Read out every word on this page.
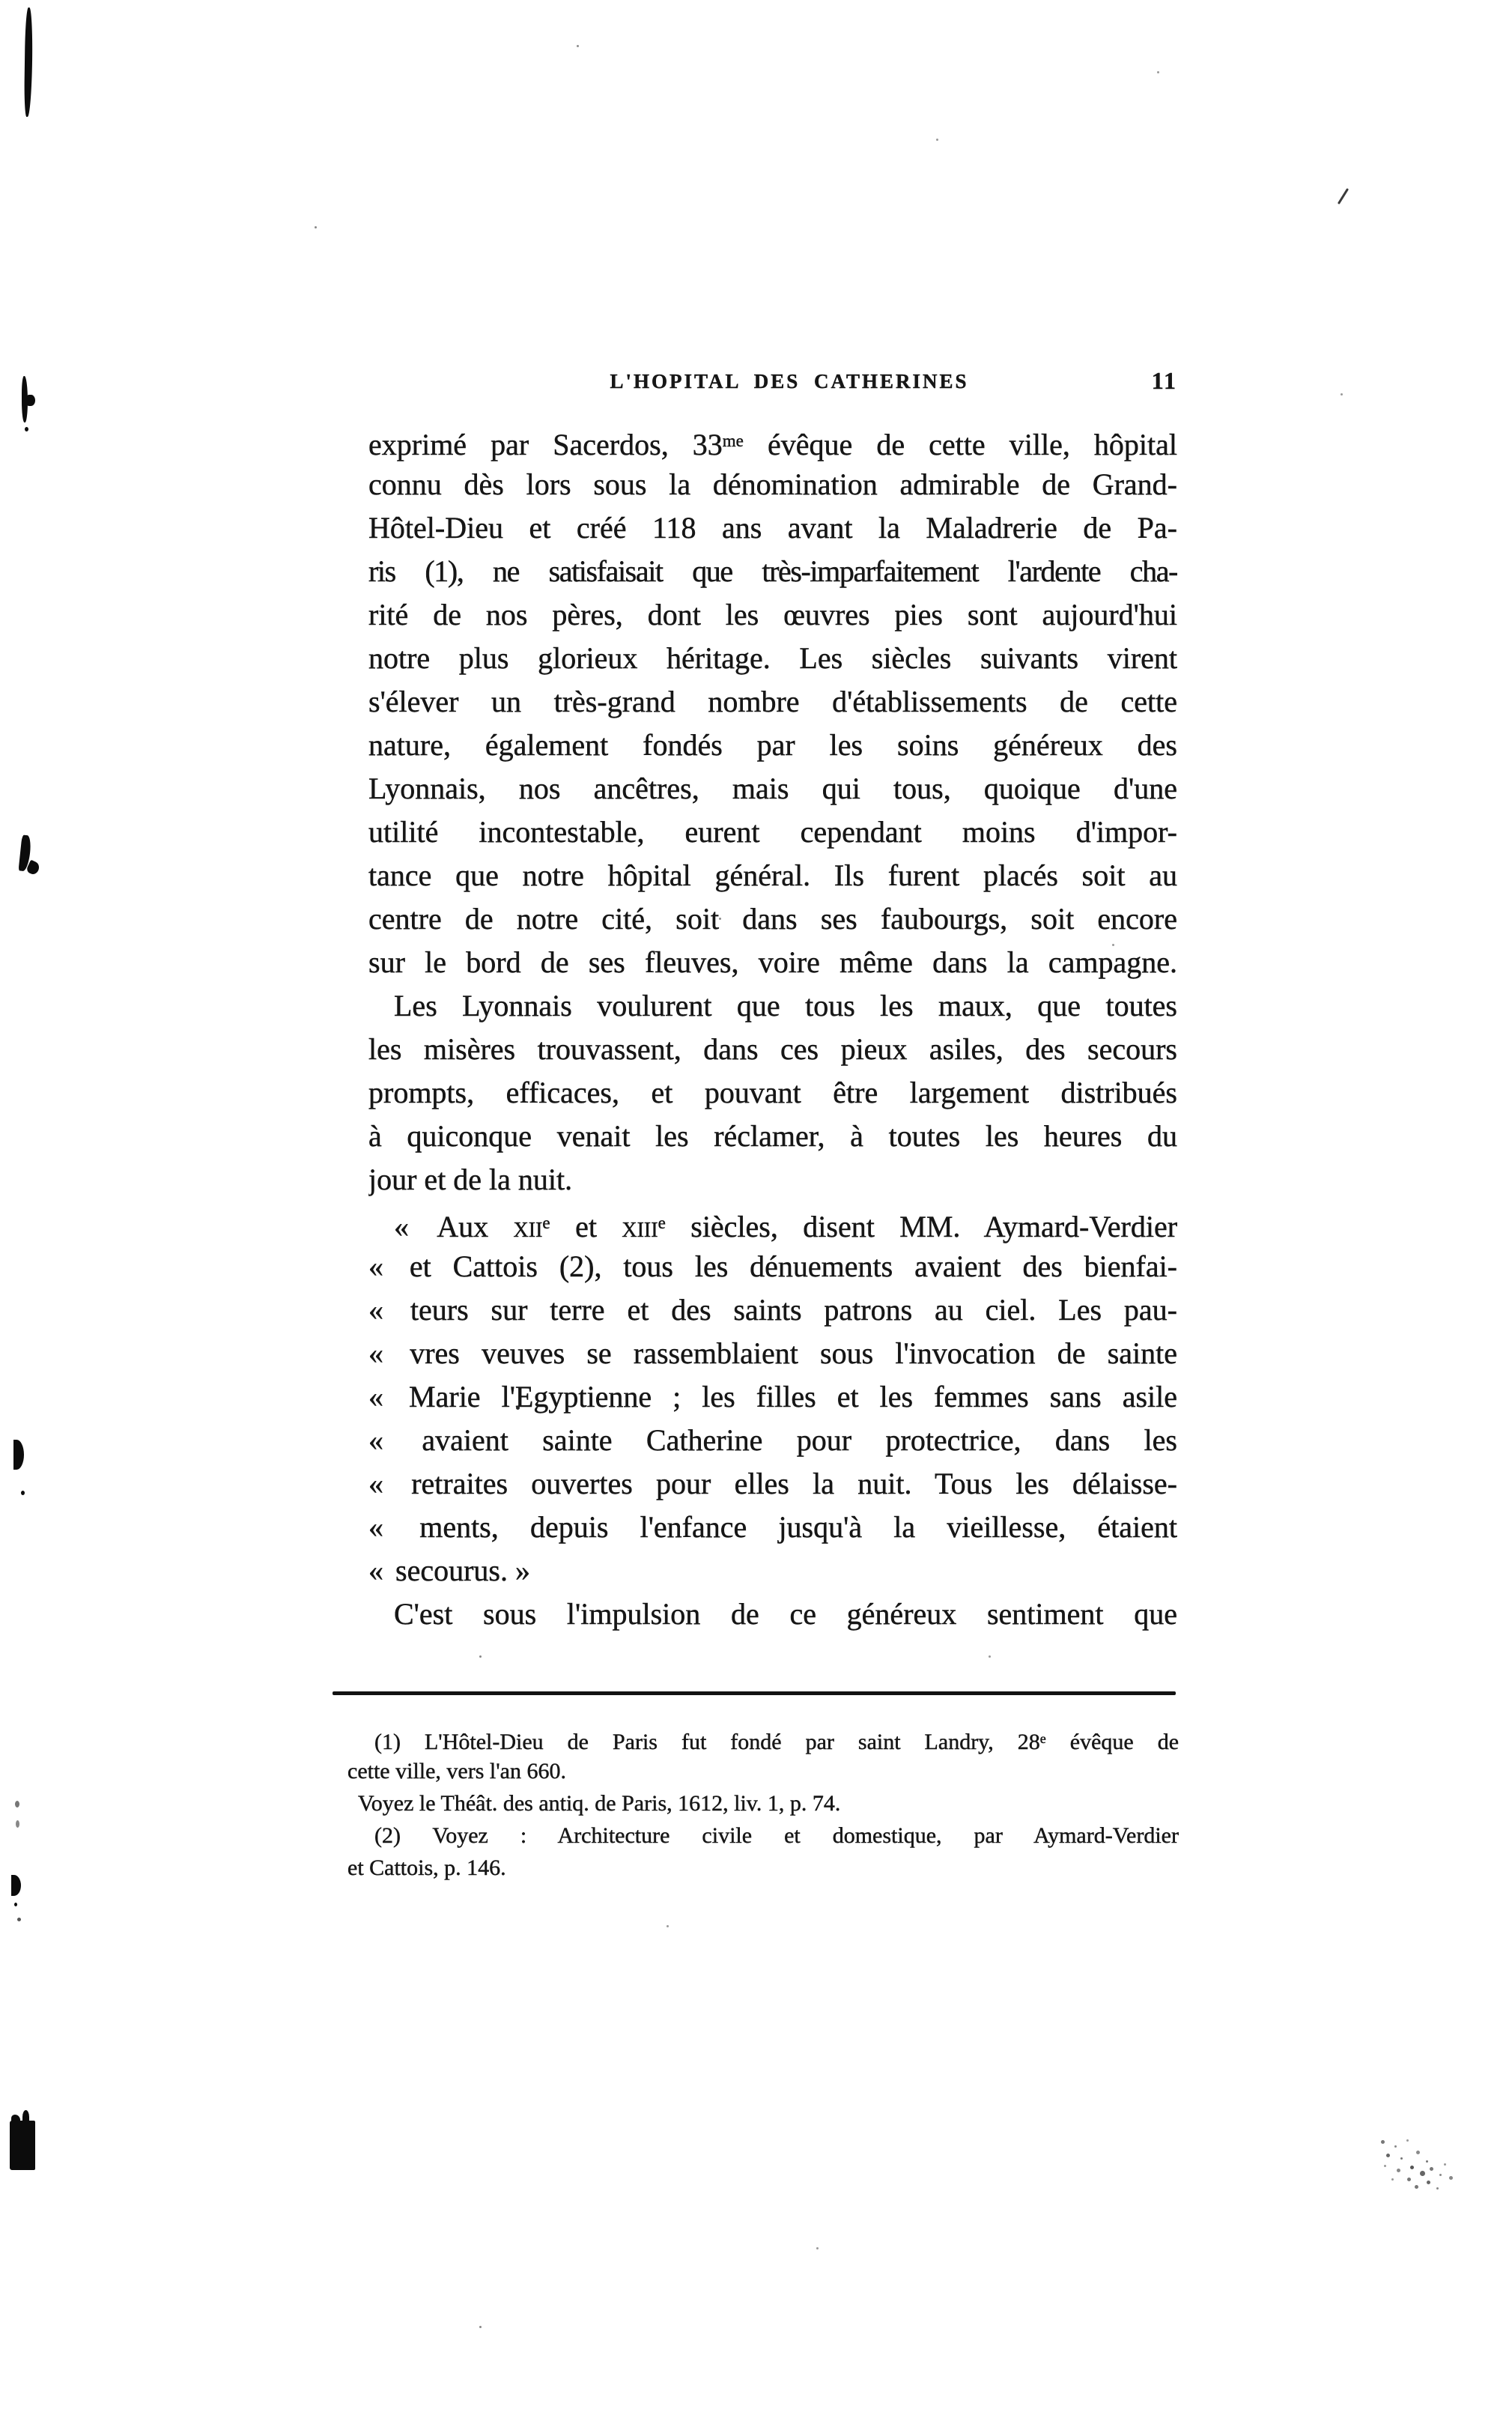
L'HOPITAL DES CATHERINES	11
exprimé par Sacerdos, $33^{me}$ évêque de cette ville, hôpital
connu dès lors sous la dénomination admirable de Grand-
Hôtel-Dieu et créé 118 ans avant la Maladrerie de Pa-
ris (1), ne satisfaisait que très-imparfaitement l'ardente cha-
rité de nos pères, dont les œuvres pies sont aujourd'hui
notre plus glorieux héritage. Les siècles suivants virent
s'élever un très-grand nombre d'établissements de cette
nature, également fondés par les soins généreux des
Lyonnais, nos ancêtres, mais qui tous, quoique d'une
utilité incontestable, eurent cependant moins d'impor-
tance que notre hôpital général. Ils furent placés soit au
centre de notre cité, soit dans ses faubourgs, soit encore
sur le bord de ses fleuves, voire même dans la campagne.
Les Lyonnais voulurent que tous les maux, que toutes
les misères trouvassent, dans ces pieux asiles, des secours
prompts, efficaces, et pouvant être largement distribués
à quiconque venait les réclamer, à toutes les heures du
jour et de la nuit.
« Aux xii$^e$ et xiii$^e$ siècles, disent MM. Aymard-Verdier
« et Cattois (2), tous les dénuements avaient des bienfai-
« teurs sur terre et des saints patrons au ciel. Les pau-
« vres veuves se rassemblaient sous l'invocation de sainte
« Marie l'Egyptienne ; les filles et les femmes sans asile
« avaient sainte Catherine pour protectrice, dans les
« retraites ouvertes pour elles la nuit. Tous les délaisse-
« ments, depuis l'enfance jusqu'à la vieillesse, étaient
« secourus. »
C'est sous l'impulsion de ce généreux sentiment que
(1) L'Hôtel-Dieu de Paris fut fondé par saint Landry, 28e évêque de
cette ville, vers l'an 660.
Voyez le Théât. des antiq. de Paris, 1612, liv. 1, p. 74.
(2) Voyez : Architecture civile et domestique, par Aymard-Verdier
et Cattois, p. 146.
